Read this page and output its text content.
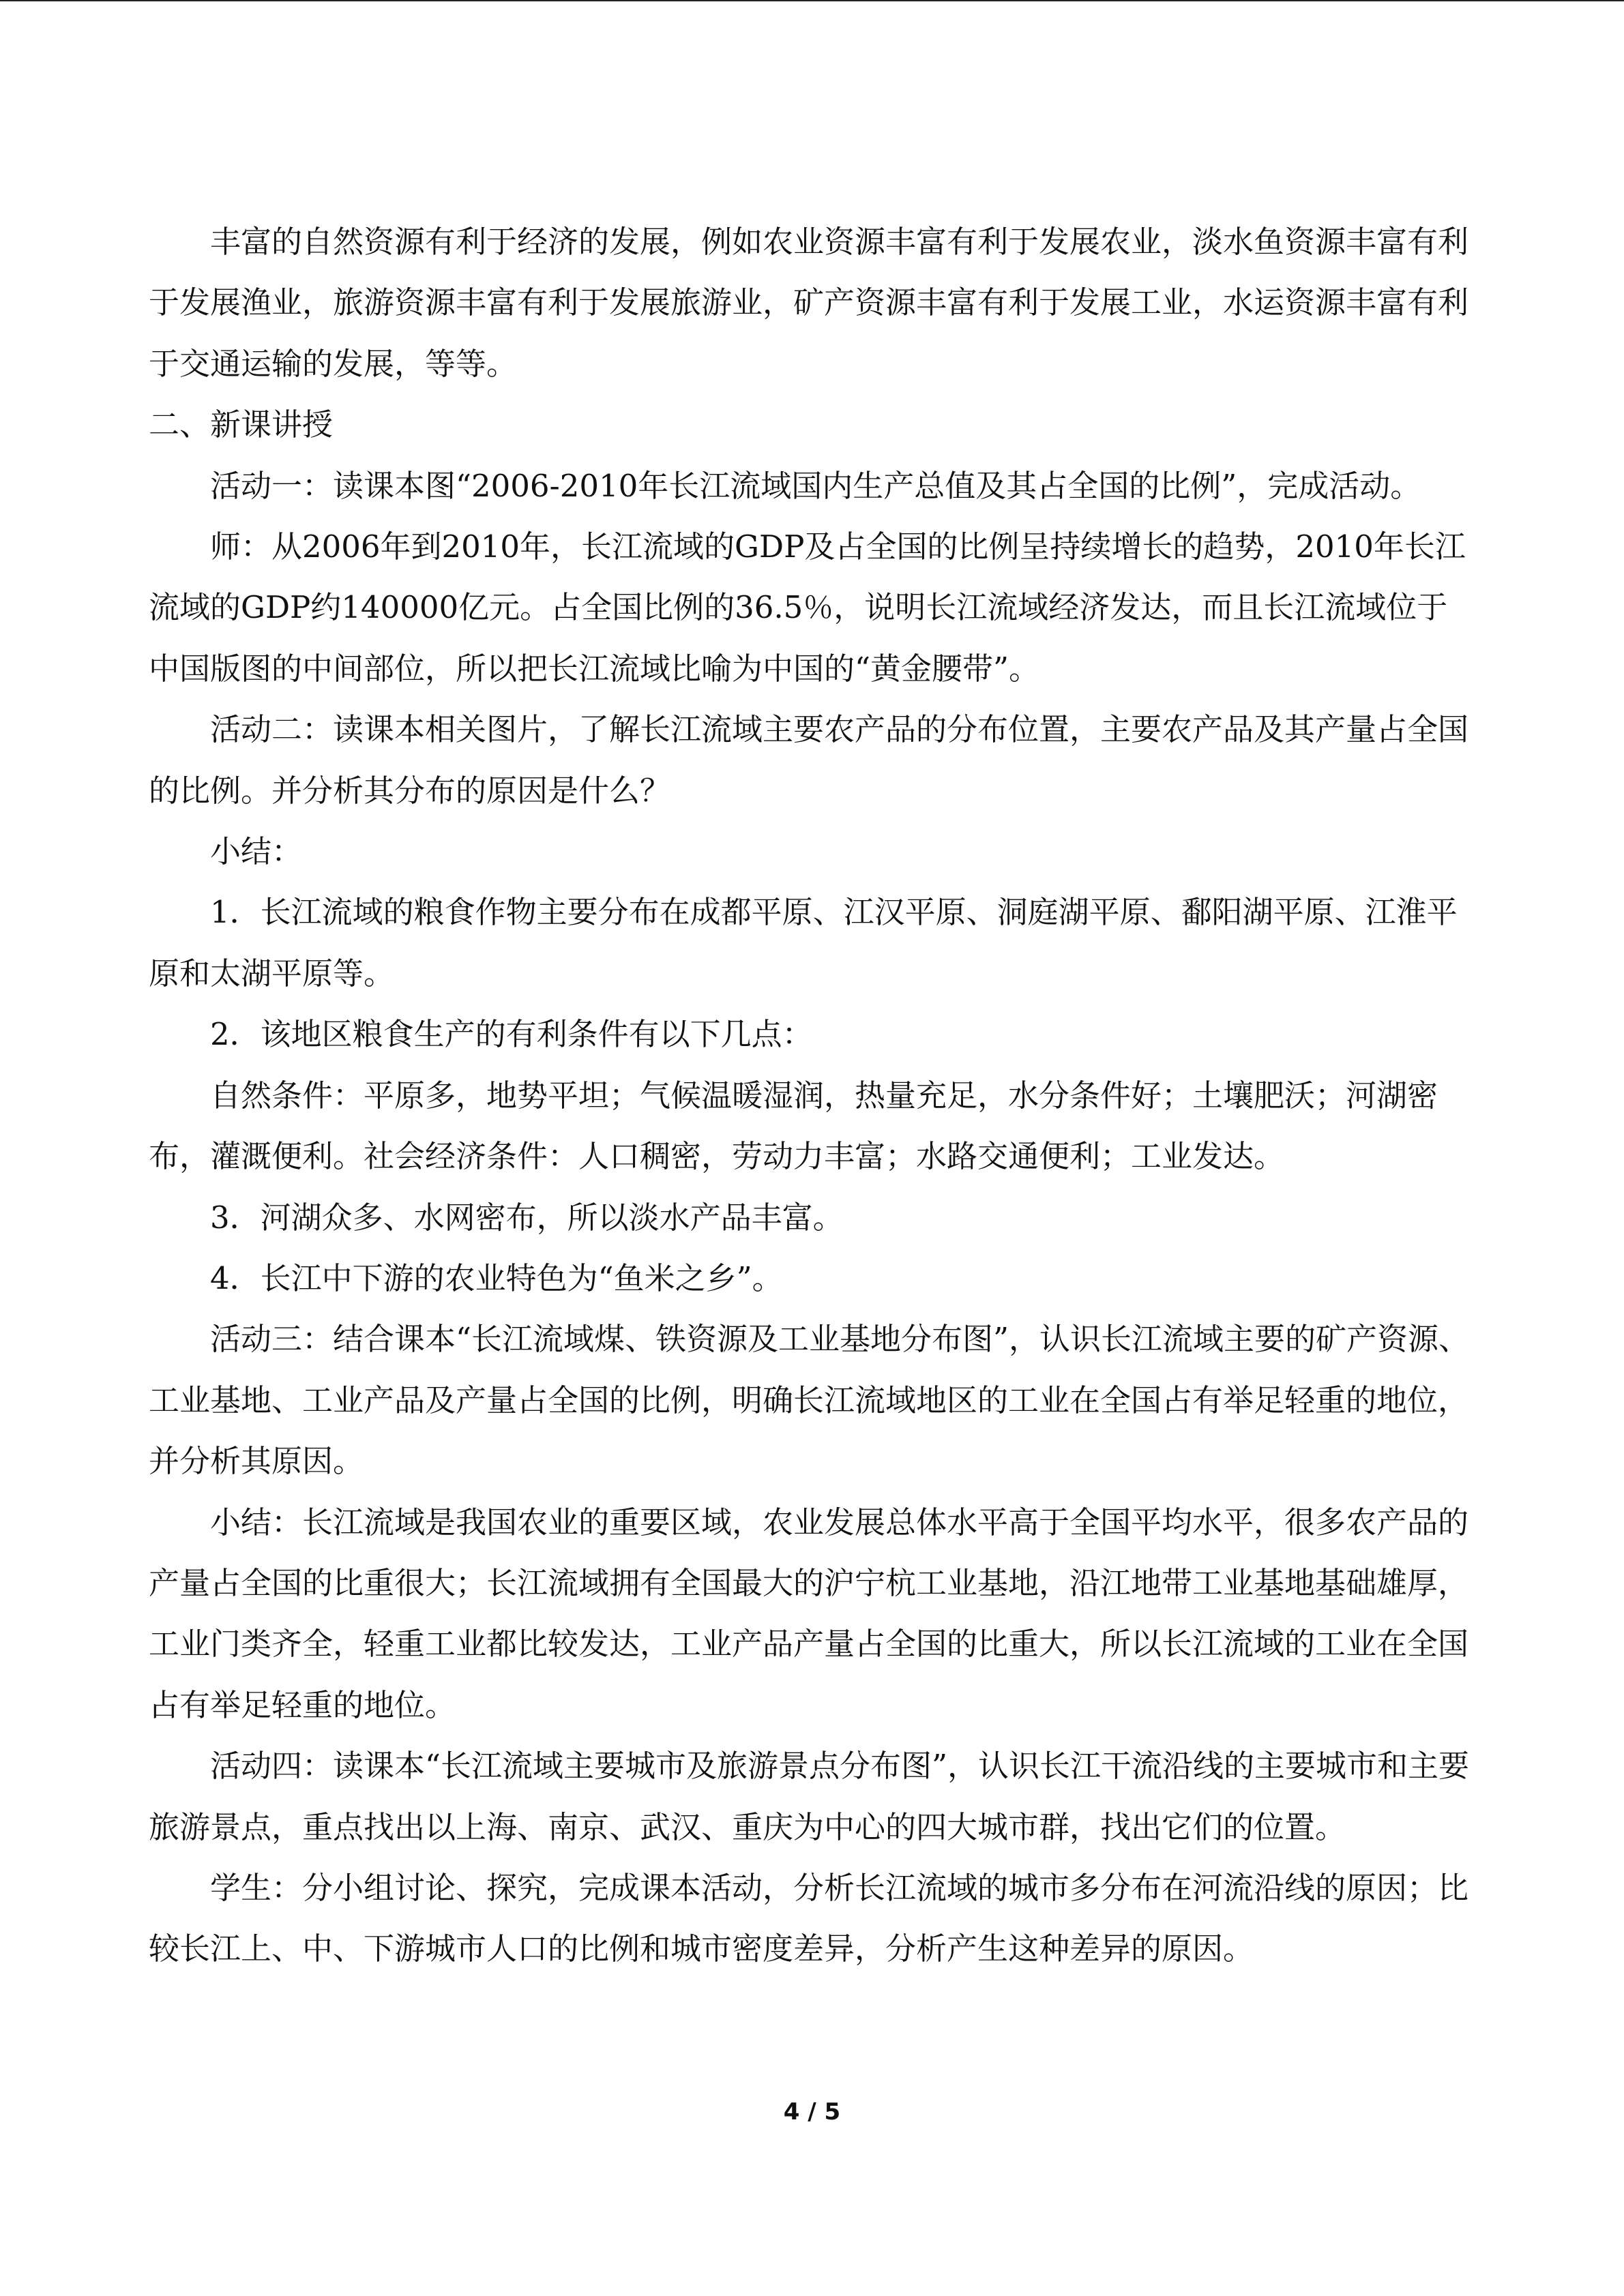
丰富的自然资源有利于经济的发展，例如农业资源丰富有利于发展农业，淡水鱼资源丰富有利于发展渔业，旅游资源丰富有利于发展旅游业，矿产资源丰富有利于发展工业，水运资源丰富有利于交通运输的发展，等等。

二、新课讲授

活动一：读课本图“2006-2010年长江流域国内生产总值及其占全国的比例”，完成活动。

师：从2006年到2010年，长江流域的GDP及占全国的比例呈持续增长的趋势，2010年长江流域的GDP约140000亿元。占全国比例的36.5％，说明长江流域经济发达，而且长江流域位于中国版图的中间部位，所以把长江流域比喻为中国的“黄金腰带”。

活动二：读课本相关图片，了解长江流域主要农产品的分布位置，主要农产品及其产量占全国的比例。并分析其分布的原因是什么？

小结：

1．长江流域的粮食作物主要分布在成都平原、江汉平原、洞庭湖平原、鄱阳湖平原、江淮平原和太湖平原等。

2．该地区粮食生产的有利条件有以下几点：

自然条件：平原多，地势平坦；气候温暖湿润，热量充足，水分条件好；土壤肥沃；河湖密布，灌溉便利。社会经济条件：人口稠密，劳动力丰富；水路交通便利；工业发达。

3．河湖众多、水网密布，所以淡水产品丰富。

4．长江中下游的农业特色为“鱼米之乡”。

活动三：结合课本“长江流域煤、铁资源及工业基地分布图”，认识长江流域主要的矿产资源、工业基地、工业产品及产量占全国的比例，明确长江流域地区的工业在全国占有举足轻重的地位，并分析其原因。

小结：长江流域是我国农业的重要区域，农业发展总体水平高于全国平均水平，很多农产品的产量占全国的比重很大；长江流域拥有全国最大的沪宁杭工业基地，沿江地带工业基地基础雄厚，工业门类齐全，轻重工业都比较发达，工业产品产量占全国的比重大，所以长江流域的工业在全国占有举足轻重的地位。

活动四：读课本“长江流域主要城市及旅游景点分布图”，认识长江干流沿线的主要城市和主要旅游景点，重点找出以上海、南京、武汉、重庆为中心的四大城市群，找出它们的位置。

学生：分小组讨论、探究，完成课本活动，分析长江流域的城市多分布在河流沿线的原因；比较长江上、中、下游城市人口的比例和城市密度差异，分析产生这种差异的原因。

4 / 5
